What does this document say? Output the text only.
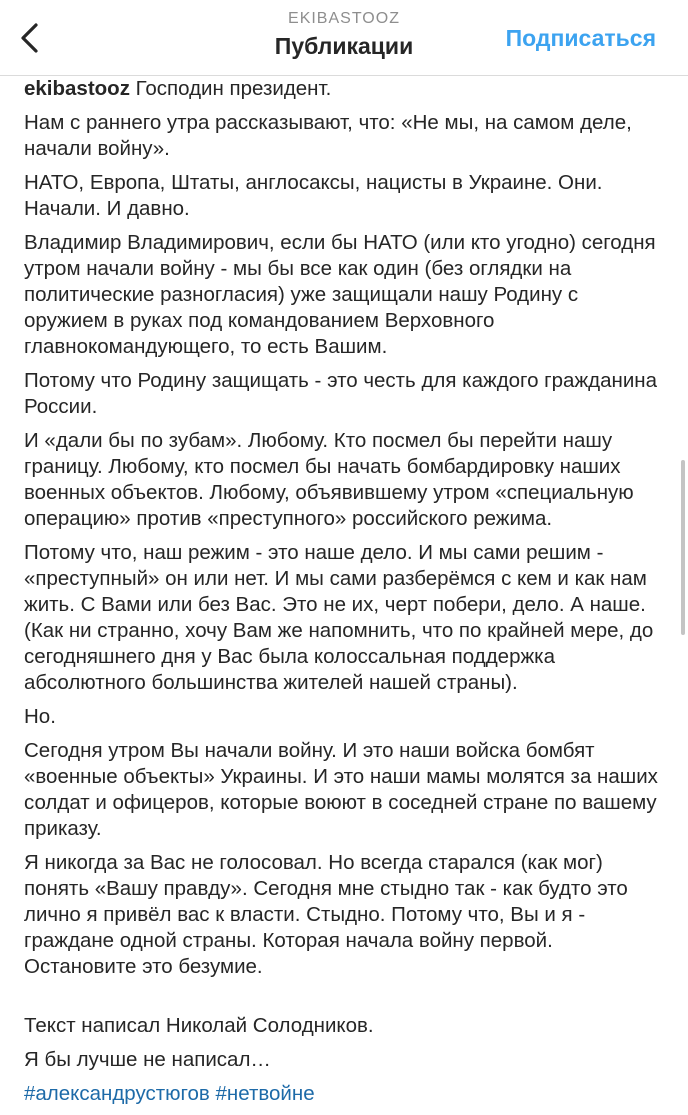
EKIBASTOOZ
Публикации	Подписаться

ekibastooz Господин президент.

Нам с раннего утра рассказывают, что: «Не мы, на самом деле, начали войну».

НАТО, Европа, Штаты, англосаксы, нацисты в Украине. Они. Начали. И давно.

Владимир Владимирович, если бы НАТО (или кто угодно) сегодня утром начали войну - мы бы все как один (без оглядки на политические разногласия) уже защищали нашу Родину с оружием в руках под командованием Верховного главнокомандующего, то есть Вашим.

Потому что Родину защищать - это честь для каждого гражданина России.

И «дали бы по зубам». Любому. Кто посмел бы перейти нашу границу. Любому, кто посмел бы начать бомбардировку наших военных объектов. Любому, объявившему утром «специальную операцию» против «преступного» российского режима.

Потому что, наш режим - это наше дело. И мы сами решим - «преступный» он или нет. И мы сами разберёмся с кем и как нам жить. С Вами или без Вас. Это не их, черт побери, дело. А наше. (Как ни странно, хочу Вам же напомнить, что по крайней мере, до сегодняшнего дня у Вас была колоссальная поддержка абсолютного большинства жителей нашей страны).

Но.

Сегодня утром Вы начали войну. И это наши войска бомбят «военные объекты» Украины. И это наши мамы молятся за наших солдат и офицеров, которые воюют в соседней стране по вашему приказу.

Я никогда за Вас не голосовал. Но всегда старался (как мог) понять «Вашу правду». Сегодня мне стыдно так - как будто это лично я привёл вас к власти. Стыдно. Потому что, Вы и я - граждане одной страны. Которая начала войну первой. Остановите это безумие.

Текст написал Николай Солодников.

Я бы лучше не написал…

#александрустюгов #нетвойне
